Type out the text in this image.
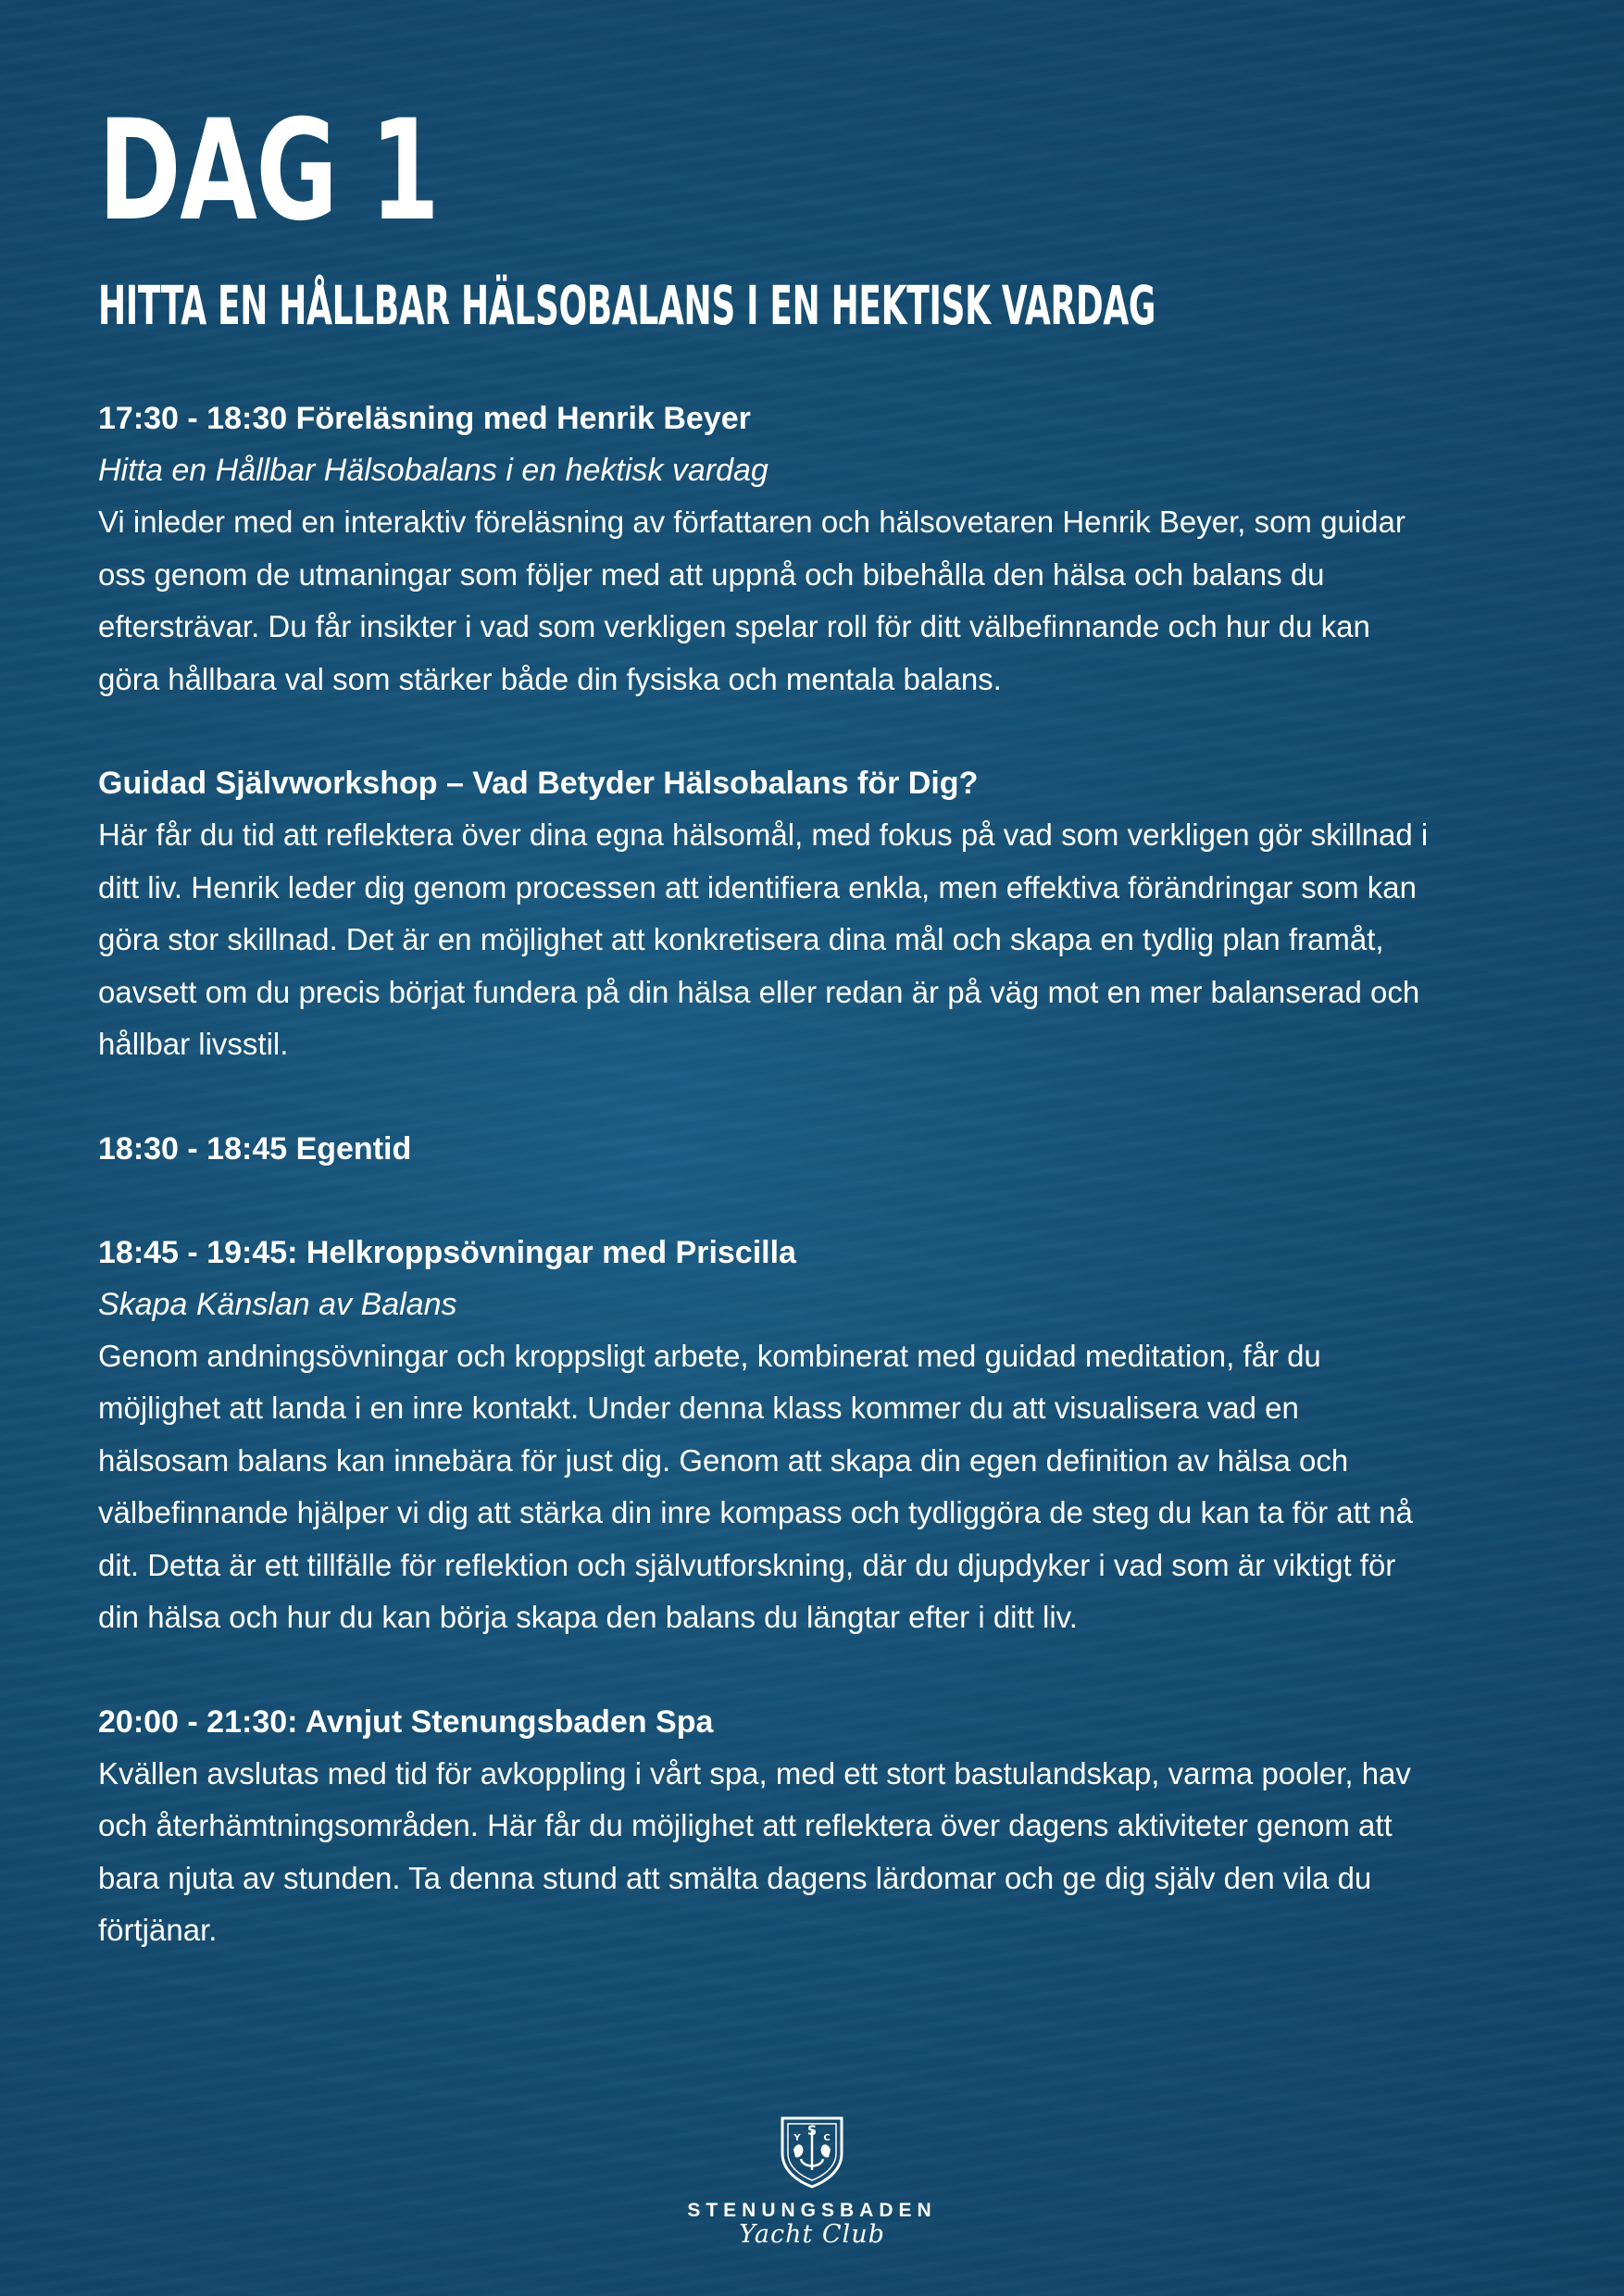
DAG 1
HITTA EN HÅLLBAR HÄLSOBALANS I EN HEKTISK VARDAG
17:30 - 18:30 Föreläsning med Henrik Beyer

Hitta en Hållbar Hälsobalans i en hektisk vardag

Vi inleder med en interaktiv föreläsning av författaren och hälsovetaren Henrik Beyer, som guidar oss genom de utmaningar som följer med att uppnå och bibehålla den hälsa och balans du eftersträvar. Du får insikter i vad som verkligen spelar roll för ditt välbefinnande och hur du kan göra hållbara val som stärker både din fysiska och mentala balans.

Guidad Självworkshop – Vad Betyder Hälsobalans för Dig?

Här får du tid att reflektera över dina egna hälsomål, med fokus på vad som verkligen gör skillnad i ditt liv. Henrik leder dig genom processen att identifiera enkla, men effektiva förändringar som kan göra stor skillnad. Det är en möjlighet att konkretisera dina mål och skapa en tydlig plan framåt, oavsett om du precis börjat fundera på din hälsa eller redan är på väg mot en mer balanserad och hållbar livsstil.

18:30 - 18:45 Egentid
18:45 - 19:45: Helkroppsövningar med Priscilla

Skapa Känslan av Balans

Genom andningsövningar och kroppsligt arbete, kombinerat med guidad meditation, får du möjlighet att landa i en inre kontakt. Under denna klass kommer du att visualisera vad en hälsosam balans kan innebära för just dig. Genom att skapa din egen definition av hälsa och välbefinnande hjälper vi dig att stärka din inre kompass och tydliggöra de steg du kan ta för att nå dit. Detta är ett tillfälle för reflektion och självutforskning, där du djupdyker i vad som är viktigt för din hälsa och hur du kan börja skapa den balans du längtar efter i ditt liv.

20:00 - 21:30: Avnjut Stenungsbaden Spa

Kvällen avslutas med tid för avkoppling i vårt spa, med ett stort bastulandskap, varma pooler, hav och återhämtningsområden. Här får du möjlighet att reflektera över dagens aktiviteter genom att bara njuta av stunden. Ta denna stund att smälta dagens lärdomar och ge dig själv den vila du förtjänar.

S
Y C
STENUNGSBADEN
Yacht Club
